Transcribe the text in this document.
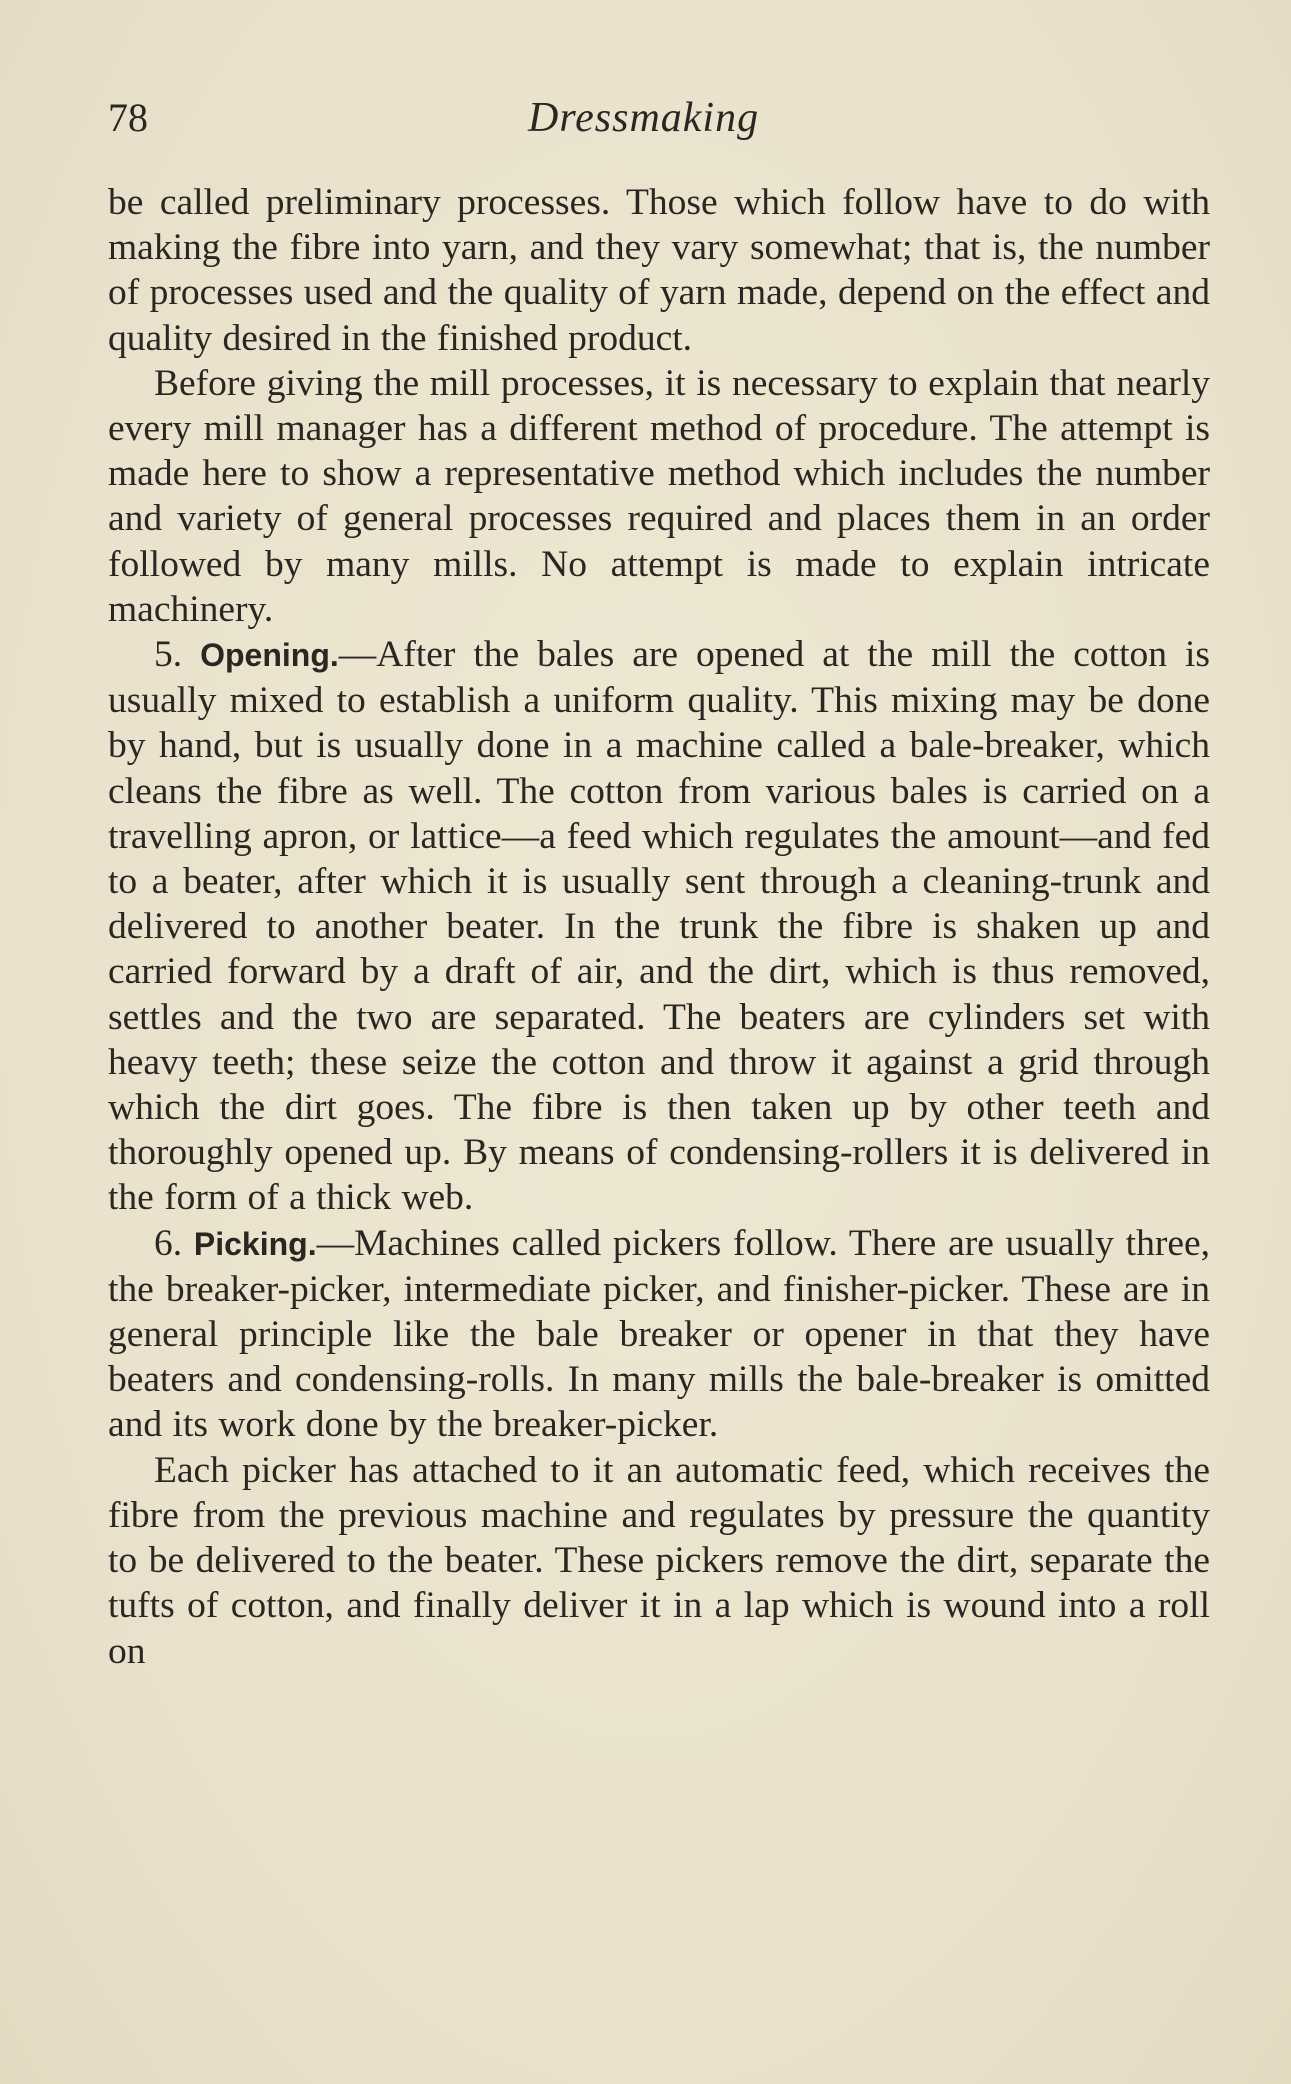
78	Dressmaking

be called preliminary processes. Those which follow have to do with making the fibre into yarn, and they vary somewhat; that is, the number of processes used and the quality of yarn made, depend on the effect and quality desired in the finished product.

Before giving the mill processes, it is necessary to explain that nearly every mill manager has a different method of procedure. The attempt is made here to show a representative method which includes the number and variety of general processes required and places them in an order followed by many mills. No attempt is made to explain intricate machinery.

5. Opening.—After the bales are opened at the mill the cotton is usually mixed to establish a uniform quality. This mixing may be done by hand, but is usually done in a machine called a bale-breaker, which cleans the fibre as well. The cotton from various bales is carried on a travelling apron, or lattice—a feed which regulates the amount—and fed to a beater, after which it is usually sent through a cleaning-trunk and delivered to another beater. In the trunk the fibre is shaken up and carried forward by a draft of air, and the dirt, which is thus removed, settles and the two are separated. The beaters are cylinders set with heavy teeth; these seize the cotton and throw it against a grid through which the dirt goes. The fibre is then taken up by other teeth and thoroughly opened up. By means of condensing-rollers it is delivered in the form of a thick web.

6. Picking.—Machines called pickers follow. There are usually three, the breaker-picker, intermediate picker, and finisher-picker. These are in general principle like the bale breaker or opener in that they have beaters and condensing-rolls. In many mills the bale-breaker is omitted and its work done by the breaker-picker.

Each picker has attached to it an automatic feed, which receives the fibre from the previous machine and regulates by pressure the quantity to be delivered to the beater. These pickers remove the dirt, separate the tufts of cotton, and finally deliver it in a lap which is wound into a roll on
